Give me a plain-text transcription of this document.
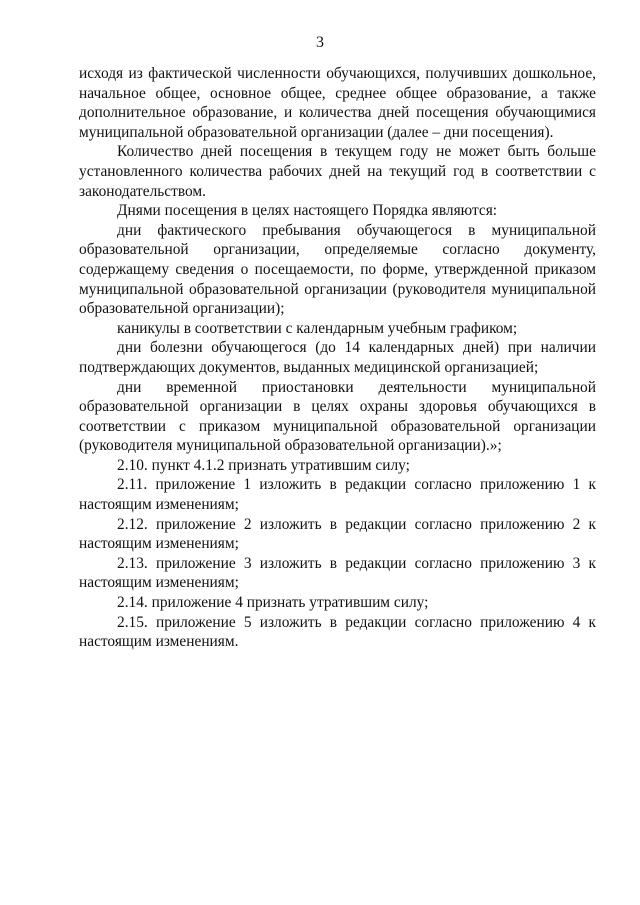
3

исходя из фактической численности обучающихся, получивших дошкольное, начальное общее, основное общее, среднее общее образование, а также дополнительное образование, и количества дней посещения обучающимися муниципальной образовательной организации (далее – дни посещения).

Количество дней посещения в текущем году не может быть больше установленного количества рабочих дней на текущий год в соответствии с законодательством.

Днями посещения в целях настоящего Порядка являются:

дни фактического пребывания обучающегося в муниципальной образовательной организации, определяемые согласно документу, содержащему сведения о посещаемости, по форме, утвержденной приказом муниципальной образовательной организации (руководителя муниципальной образовательной организации);

каникулы в соответствии с календарным учебным графиком;

дни болезни обучающегося (до 14 календарных дней) при наличии подтверждающих документов, выданных медицинской организацией;

дни временной приостановки деятельности муниципальной образовательной организации в целях охраны здоровья обучающихся в соответствии с приказом муниципальной образовательной организации (руководителя муниципальной образовательной организации).»;

2.10. пункт 4.1.2 признать утратившим силу;

2.11. приложение 1 изложить в редакции согласно приложению 1 к настоящим изменениям;

2.12. приложение 2 изложить в редакции согласно приложению 2 к настоящим изменениям;

2.13. приложение 3 изложить в редакции согласно приложению 3 к настоящим изменениям;

2.14. приложение 4 признать утратившим силу;

2.15. приложение 5 изложить в редакции согласно приложению 4 к настоящим изменениям.
